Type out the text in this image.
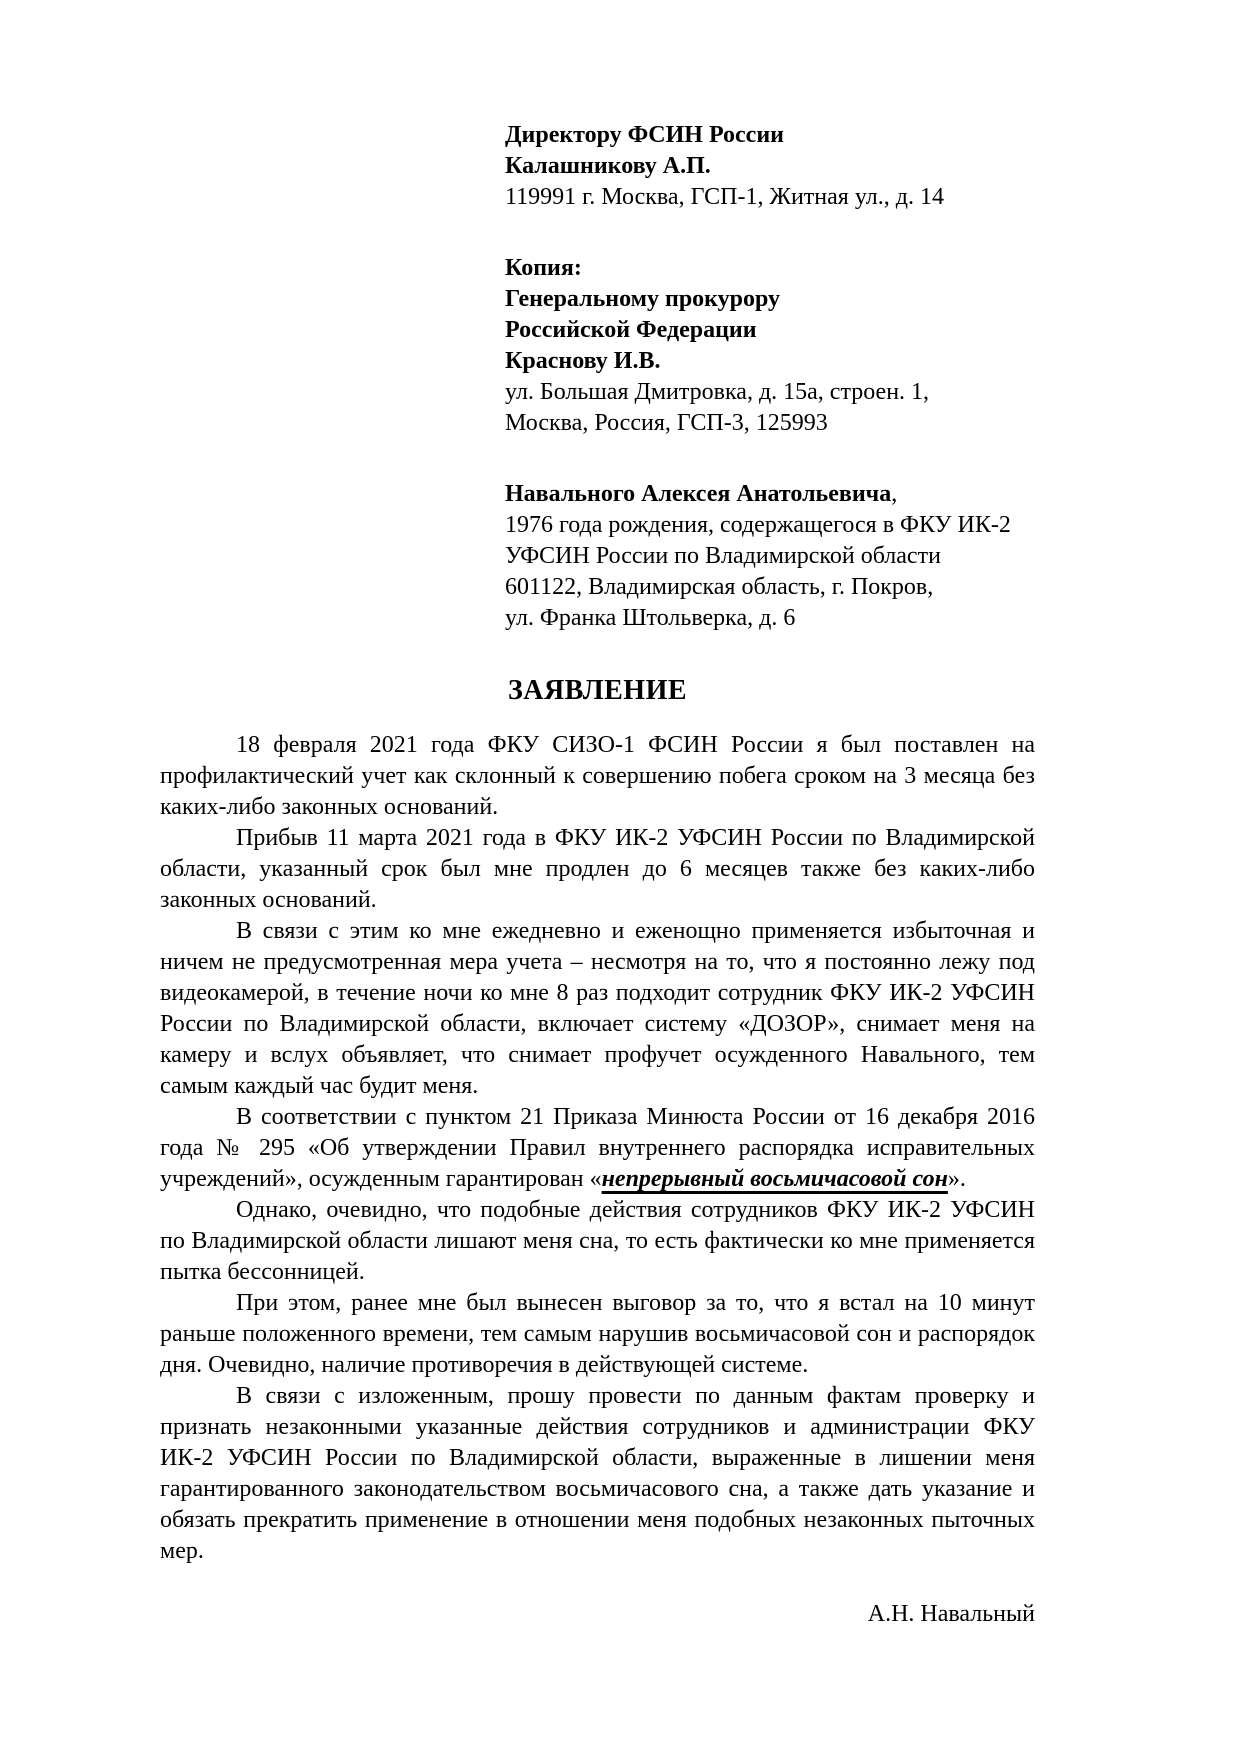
Директору ФСИН России
Калашникову А.П.
119991 г. Москва, ГСП-1, Житная ул., д. 14
Копия:
Генеральному прокурору
Российской Федерации
Краснову И.В.
ул. Большая Дмитровка, д. 15а, строен. 1,
Москва, Россия, ГСП-3, 125993
Навального Алексея Анатольевича,
1976 года рождения, содержащегося в ФКУ ИК-2
УФСИН России по Владимирской области
601122, Владимирская область, г. Покров,
ул. Франка Штольверка, д. 6
ЗАЯВЛЕНИЕ

18 февраля 2021 года ФКУ СИЗО-1 ФСИН России я был поставлен на профилактический учет как склонный к совершению побега сроком на 3 месяца без каких-либо законных оснований.

Прибыв 11 марта 2021 года в ФКУ ИК-2 УФСИН России по Владимирской области, указанный срок был мне продлен до 6 месяцев также без каких-либо законных оснований.

В связи с этим ко мне ежедневно и еженощно применяется избыточная и ничем не предусмотренная мера учета – несмотря на то, что я постоянно лежу под видеокамерой, в течение ночи ко мне 8 раз подходит сотрудник ФКУ ИК-2 УФСИН России по Владимирской области, включает систему «ДОЗОР», снимает меня на камеру и вслух объявляет, что снимает профучет осужденного Навального, тем самым каждый час будит меня.

В соответствии с пунктом 21 Приказа Минюста России от 16 декабря 2016 года № 295 «Об утверждении Правил внутреннего распорядка исправительных учреждений», осужденным гарантирован «непрерывный восьмичасовой сон».

Однако, очевидно, что подобные действия сотрудников ФКУ ИК-2 УФСИН по Владимирской области лишают меня сна, то есть фактически ко мне применяется пытка бессонницей.

При этом, ранее мне был вынесен выговор за то, что я встал на 10 минут раньше положенного времени, тем самым нарушив восьмичасовой сон и распорядок дня. Очевидно, наличие противоречия в действующей системе.

В связи с изложенным, прошу провести по данным фактам проверку и признать незаконными указанные действия сотрудников и администрации ФКУ ИК-2 УФСИН России по Владимирской области, выраженные в лишении меня гарантированного законодательством восьмичасового сна, а также дать указание и обязать прекратить применение в отношении меня подобных незаконных пыточных мер.

А.Н. Навальный
